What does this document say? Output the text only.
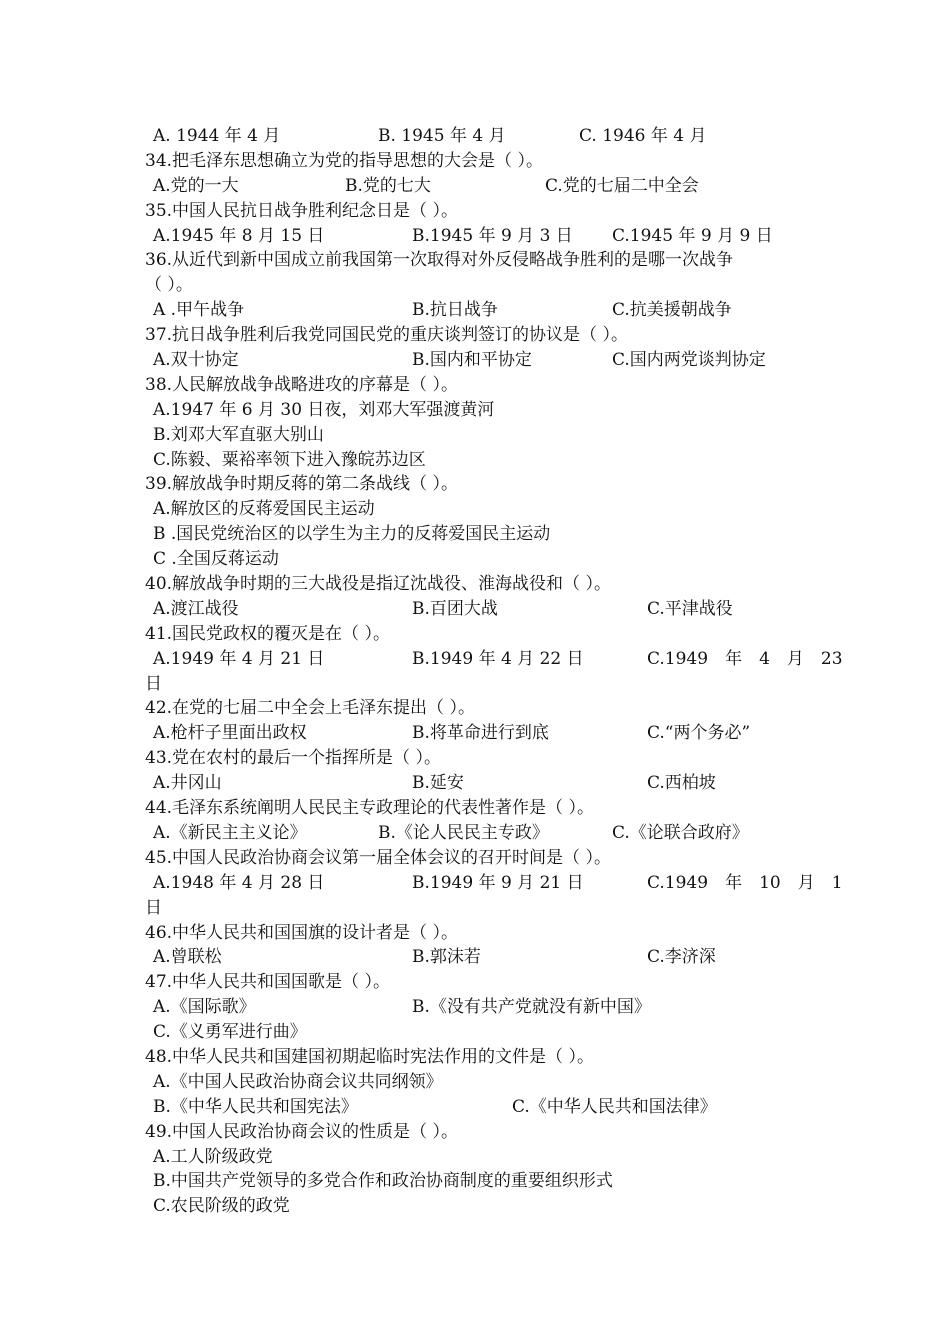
A. 1944 年 4 月	B. 1945 年 4 月	C. 1946 年 4 月
34.把毛泽东思想确立为党的指导思想的大会是（ ）。
A.党的一大	B.党的七大	C.党的七届二中全会
35.中国人民抗日战争胜利纪念日是（ ）。
A.1945 年 8 月 15 日	B.1945 年 9 月 3 日 C.1945 年 9 月 9 日
36.从近代到新中国成立前我国第一次取得对外反侵略战争胜利的是哪一次战争
（ ）。
A .甲午战争	B.抗日战争	C.抗美援朝战争
37.抗日战争胜利后我党同国民党的重庆谈判签订的协议是（ ）。
A.双十协定	B.国内和平协定	C.国内两党谈判协定
38.人民解放战争战略进攻的序幕是（ ）。
A.1947 年 6 月 30 日夜，刘邓大军强渡黄河
B.刘邓大军直驱大别山
C.陈毅、粟裕率领下进入豫皖苏边区
39.解放战争时期反蒋的第二条战线（ ）。
A.解放区的反蒋爱国民主运动
B .国民党统治区的以学生为主力的反蒋爱国民主运动
C .全国反蒋运动
40.解放战争时期的三大战役是指辽沈战役、淮海战役和（ ）。
A.渡江战役	B.百团大战	C.平津战役
41.国民党政权的覆灭是在（ ）。
A.1949 年 4 月 21 日	B.1949 年 4 月 22 日	C.1949　年　4　月　23
日
42.在党的七届二中全会上毛泽东提出（ ）。
A.枪杆子里面出政权	B.将革命进行到底	C.“两个务必”
43.党在农村的最后一个指挥所是（ ）。
A.井冈山	B.延安	C.西柏坡
44.毛泽东系统阐明人民民主专政理论的代表性著作是（ ）。
A.《新民主主义论》	B.《论人民民主专政》	C.《论联合政府》
45.中国人民政治协商会议第一届全体会议的召开时间是（ ）。
A.1948 年 4 月 28 日	B.1949 年 9 月 21 日	C.1949　年　10　月　1
日
46.中华人民共和国国旗的设计者是（ ）。
A.曾联松	B.郭沫若	C.李济深
47.中华人民共和国国歌是（ ）。
A.《国际歌》	B.《没有共产党就没有新中国》
C.《义勇军进行曲》
48.中华人民共和国建国初期起临时宪法作用的文件是（ ）。
A.《中国人民政治协商会议共同纲领》
B.《中华人民共和国宪法》	C.《中华人民共和国法律》
49.中国人民政治协商会议的性质是（ ）。
A.工人阶级政党
B.中国共产党领导的多党合作和政治协商制度的重要组织形式
C.农民阶级的政党
